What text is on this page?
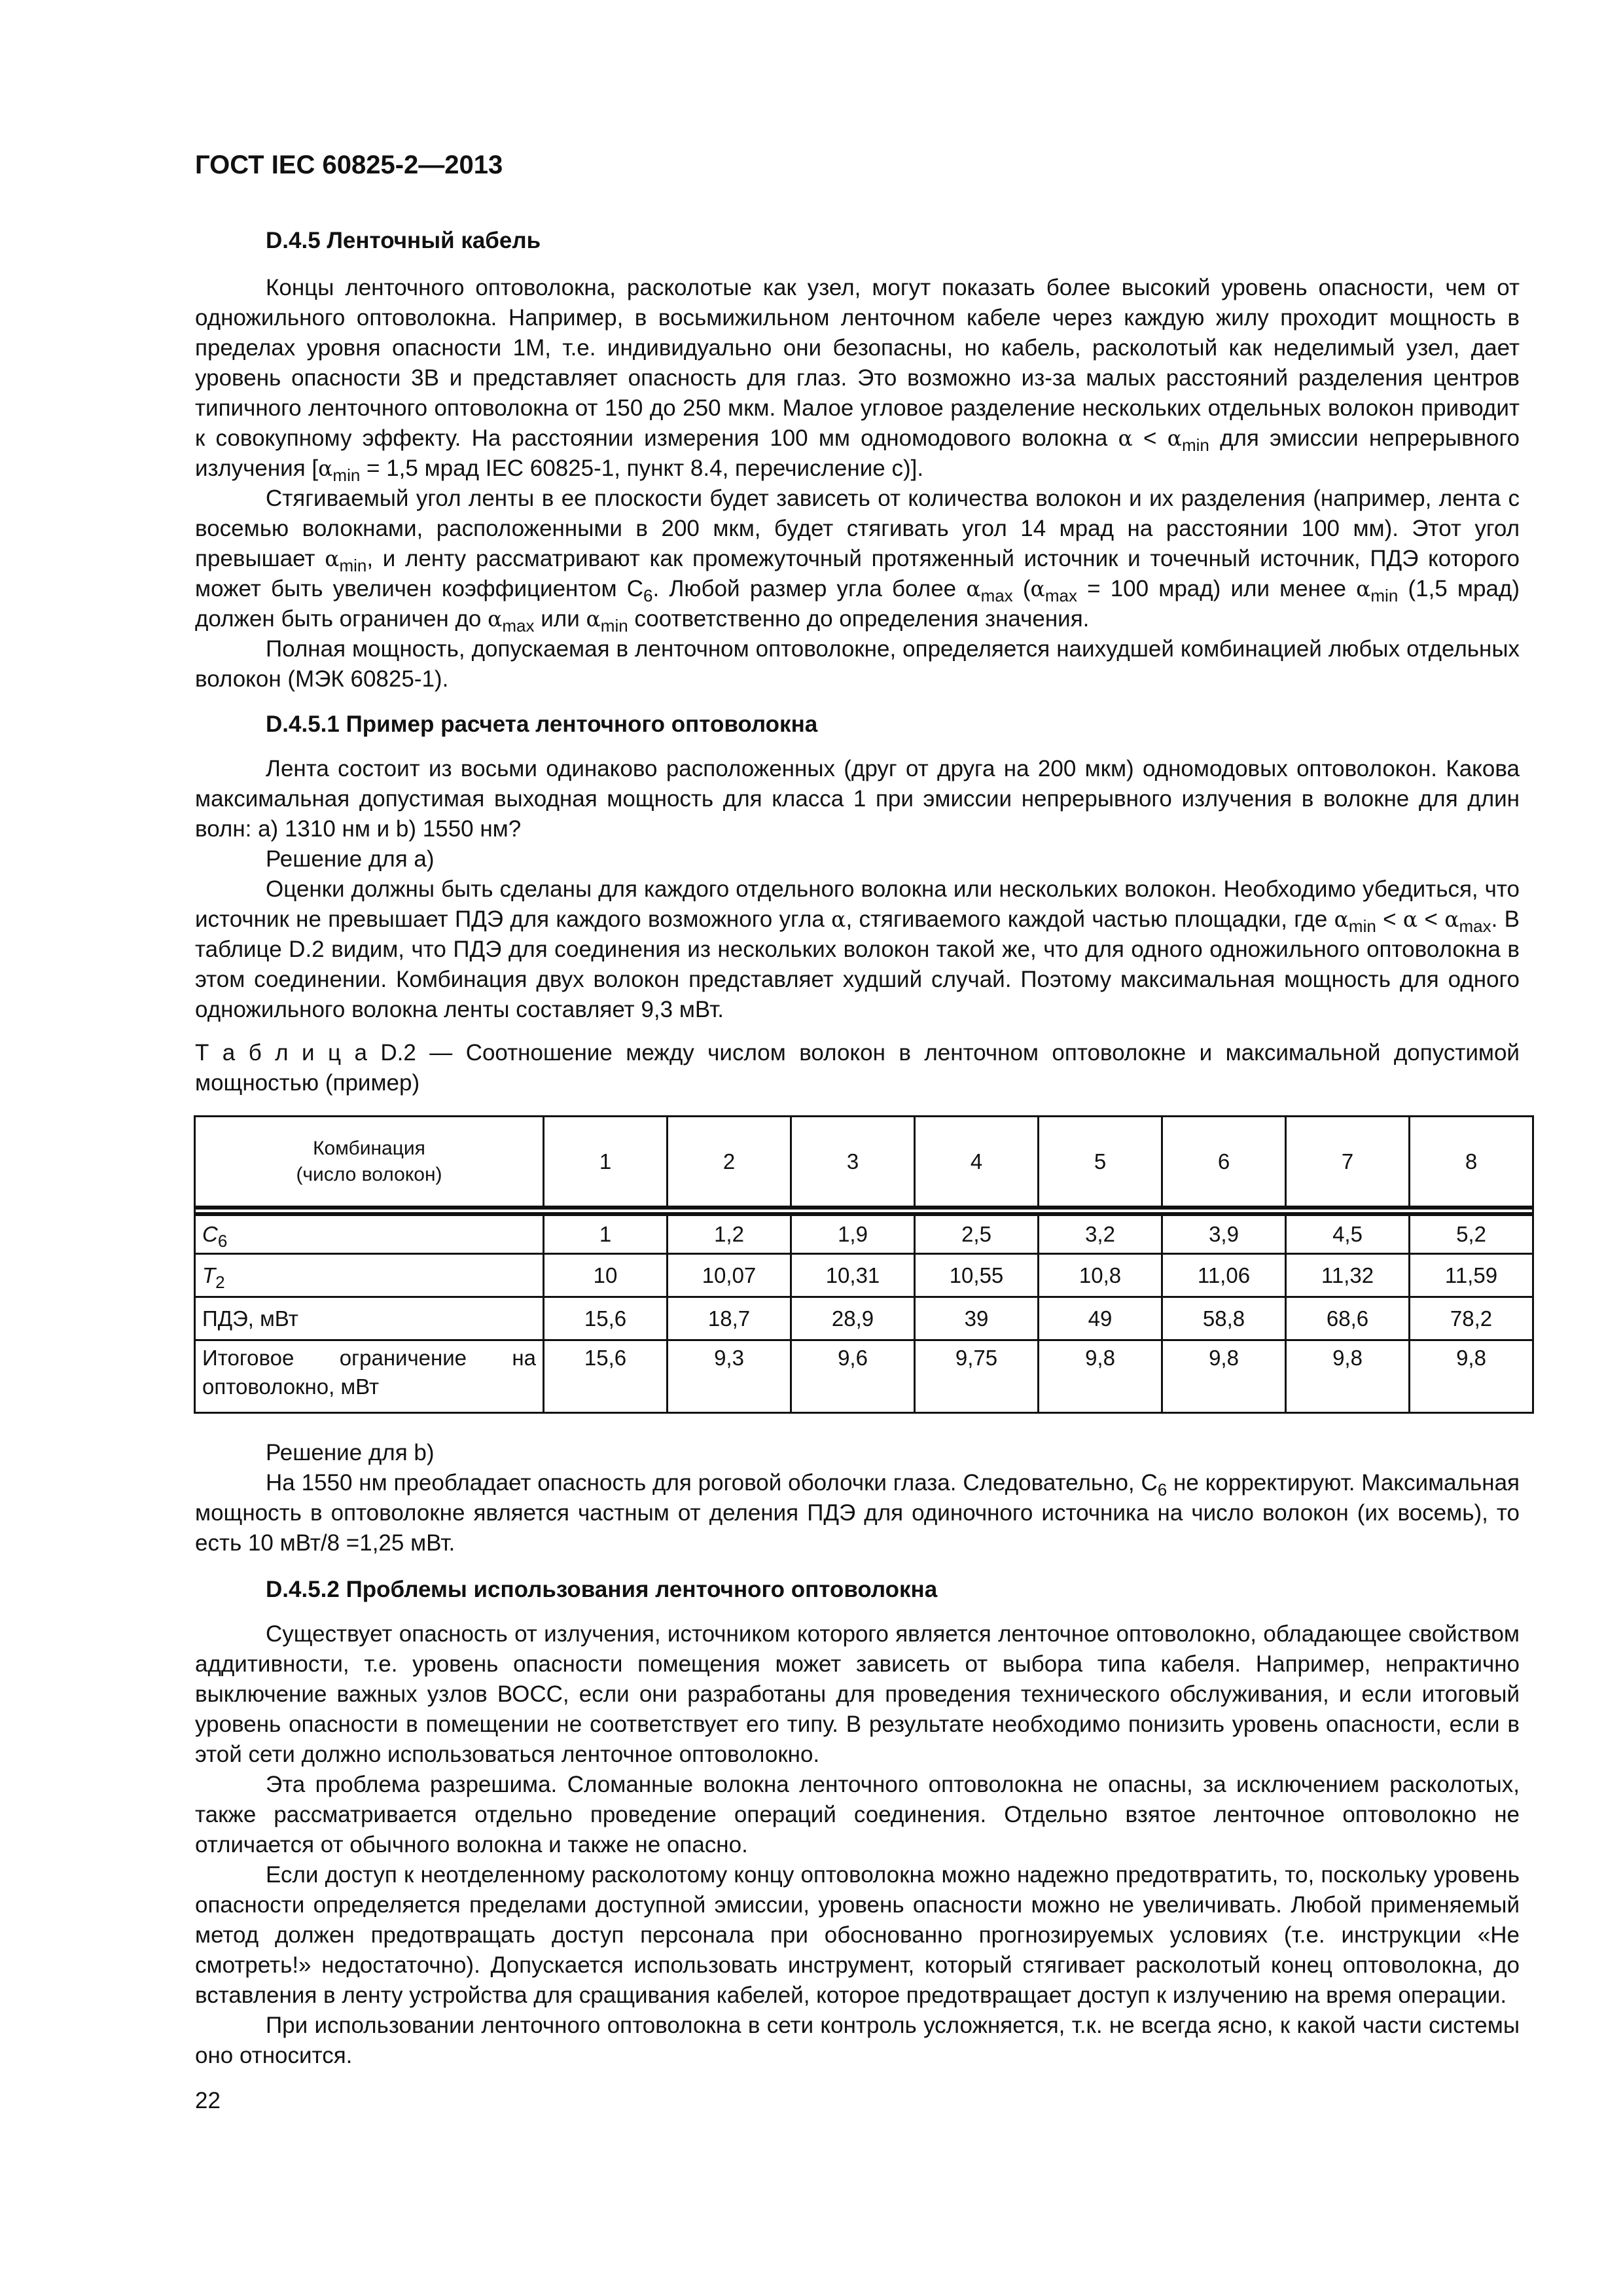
ГОСТ IEC 60825-2—2013
D.4.5 Ленточный кабель

Концы ленточного оптоволокна, расколотые как узел, могут показать более высокий уровень опасности, чем от одножильного оптоволокна. Например, в восьмижильном ленточном кабеле через каждую жилу проходит мощность в пределах уровня опасности 1М, т.е. индивидуально они безопасны, но кабель, расколотый как неделимый узел, дает уровень опасности 3В и представляет опасность для глаз. Это возможно из-за малых расстояний разделения центров типичного ленточного оптоволокна от 150 до 250 мкм. Малое угловое разделение нескольких отдельных волокон приводит к совокупному эффекту. На расстоянии измерения 100 мм одномодового волокна $\alpha < \alpha_{min}$ для эмиссии непрерывного излучения [$\alpha_{min} = 1,5$ мрад IEC 60825-1, пункт 8.4, перечисление c)].

Стягиваемый угол ленты в ее плоскости будет зависеть от количества волокон и их разделения (например, лента с восемью волокнами, расположенными в 200 мкм, будет стягивать угол 14 мрад на расстоянии 100 мм). Этот угол превышает $\alpha_{min}$, и ленту рассматривают как промежуточный протяженный источник и точечный источник, ПДЭ которого может быть увеличен коэффициентом $C_6$. Любой размер угла более $\alpha_{max}$ ($\alpha_{max} = 100$ мрад) или менее $\alpha_{min}$ (1,5 мрад) должен быть ограничен до $\alpha_{max}$ или $\alpha_{min}$ соответственно до определения значения.

Полная мощность, допускаемая в ленточном оптоволокне, определяется наихудшей комбинацией любых отдельных волокон (МЭК 60825-1).

D.4.5.1 Пример расчета ленточного оптоволокна

Лента состоит из восьми одинаково расположенных (друг от друга на 200 мкм) одномодовых оптоволокон. Какова максимальная допустимая выходная мощность для класса 1 при эмиссии непрерывного излучения в волокне для длин волн: a) 1310 нм и b) 1550 нм?

Решение для а)

Оценки должны быть сделаны для каждого отдельного волокна или нескольких волокон. Необходимо убедиться, что источник не превышает ПДЭ для каждого возможного угла α, стягиваемого каждой частью площадки, где $\alpha_{min} < \alpha < \alpha_{max}$. В таблице D.2 видим, что ПДЭ для соединения из нескольких волокон такой же, что для одного одножильного оптоволокна в этом соединении. Комбинация двух волокон представляет худший случай. Поэтому максимальная мощность для одного одножильного волокна ленты составляет 9,3 мВт.

Т а б л и ц а D.2 — Соотношение между числом волокон в ленточном оптоволокне и максимальной допустимой мощностью (пример)

Комбинация
(число волокон)	1	2	3	4	5	6	7	8

$C_6$	1	1,2	1,9	2,5	3,2	3,9	4,5	5,2
$T_2$	10	10,07	10,31	10,55	10,8	11,06	11,32	11,59
ПДЭ, мВт	15,6	18,7	28,9	39	49	58,8	68,6	78,2
Итоговое ограничение на оптоволокно, мВт	15,6	9,3	9,6	9,75	9,8	9,8	9,8	9,8

Решение для b)

На 1550 нм преобладает опасность для роговой оболочки глаза. Следовательно, $C_6$ не корректируют. Максимальная мощность в оптоволокне является частным от деления ПДЭ для одиночного источника на число волокон (их восемь), то есть 10 мВт/8 =1,25 мВт.

D.4.5.2 Проблемы использования ленточного оптоволокна

Существует опасность от излучения, источником которого является ленточное оптоволокно, обладающее свойством аддитивности, т.е. уровень опасности помещения может зависеть от выбора типа кабеля. Например, непрактично выключение важных узлов ВОСС, если они разработаны для проведения технического обслуживания, и если итоговый уровень опасности в помещении не соответствует его типу. В результате необходимо понизить уровень опасности, если в этой сети должно использоваться ленточное оптоволокно.

Эта проблема разрешима. Сломанные волокна ленточного оптоволокна не опасны, за исключением расколотых, также рассматривается отдельно проведение операций соединения. Отдельно взятое ленточное оптоволокно не отличается от обычного волокна и также не опасно.

Если доступ к неотделенному расколотому концу оптоволокна можно надежно предотвратить, то, поскольку уровень опасности определяется пределами доступной эмиссии, уровень опасности можно не увеличивать. Любой применяемый метод должен предотвращать доступ персонала при обоснованно прогнозируемых условиях (т.е. инструкции «Не смотреть!» недостаточно). Допускается использовать инструмент, который стягивает расколотый конец оптоволокна, до вставления в ленту устройства для сращивания кабелей, которое предотвращает доступ к излучению на время операции.

При использовании ленточного оптоволокна в сети контроль усложняется, т.к. не всегда ясно, к какой части системы оно относится.

22
